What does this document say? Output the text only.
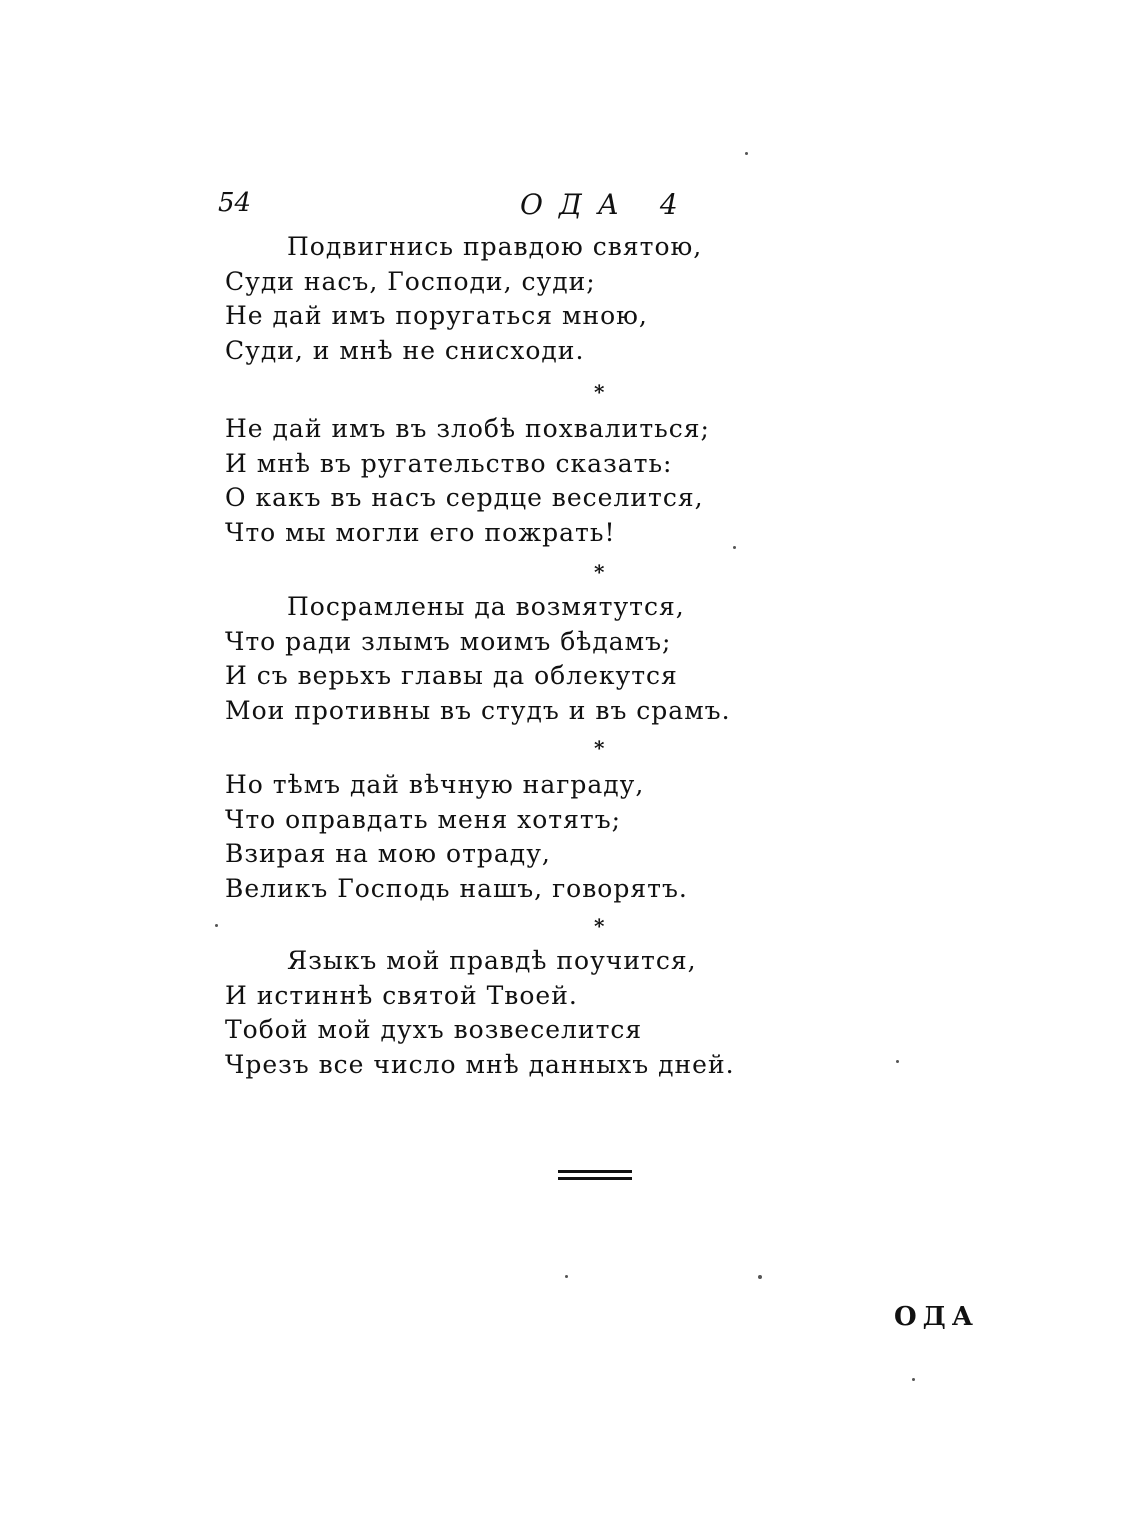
54	ОДА 4
Подвигнись правдою святою,
Суди насъ, Господи, суди;
Не дай имъ поругаться мною,
Суди, и мнѣ не снисходи.
*
Не дай имъ въ злобѣ похвалиться;
И мнѣ въ ругательство сказать:
О какъ въ насъ сердце веселится,
Что мы могли его пожрать!
*
Посрамлены да возмятутся,
Что ради злымъ моимъ бѣдамъ;
И съ верьхъ главы да облекутся
Мои противны въ студъ и въ срамъ.
*
Но тѣмъ дай вѣчную награду,
Что оправдать меня хотятъ;
Взирая на мою отраду,
Великъ Господь нашъ, говорятъ.
*
Языкъ мой правдѣ поучится,
И истиннѣ святой Твоей.
Тобой мой духъ возвеселится
Чрезъ все число мнѣ данныхъ дней.
ОДА
